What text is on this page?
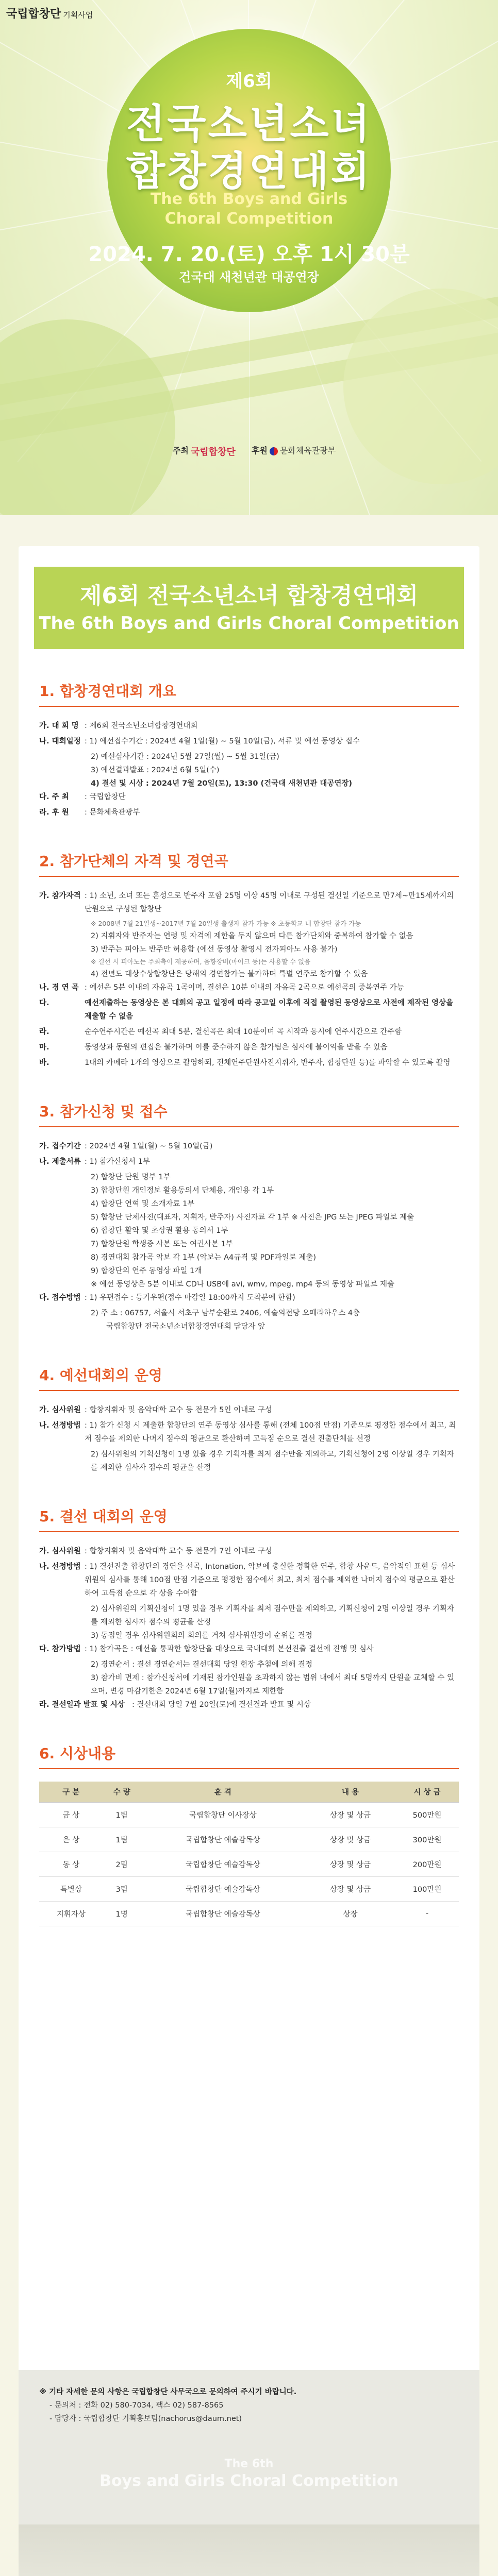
국립합창단 기획사업
제6회
전국소년소녀
합창경연대회
The 6th Boys and Girls
Choral Competition
2024. 7. 20.(토) 오후 1시 30분
건국대 새천년관 대공연장
주최 국립합창단 후원 문화체육관광부
제6회 전국소년소녀 합창경연대회
The 6th Boys and Girls Choral Competition
1. 합창경연대회 개요
가. 대 회 명 : 제6회 전국소년소녀합창경연대회
나. 대회일정 : 1) 예선접수기간 : 2024년 4월 1일(월) ~ 5월 10일(금), 서류 및 예선 동영상 접수
2) 예선심사기간 : 2024년 5월 27일(월) ~ 5월 31일(금)
3) 예선결과발표 : 2024년 6월 5일(수)
4) 결선 및 시상 : 2024년 7월 20일(토), 13:30 (건국대 새천년관 대공연장)
다. 주 최	: 국립합창단
라. 후 원	: 문화체육관광부
2. 참가단체의 자격 및 경연곡
가. 참가자격 : 1) 소년, 소녀 또는 혼성으로 반주자 포함 25명 이상 45명 이내로 구성된 결선일 기준으로 만7세~만15세까지의 단원으로 구성된 합창단
※ 2008년 7월 21일생~2017년 7월 20일생 출생자 참가 가능 ※ 초등학교 내 합창단 참가 가능
2) 지휘자와 반주자는 연령 및 자격에 제한을 두지 않으며 다른 참가단체와 중복하여 참가할 수 없음
3) 반주는 피아노 반주만 허용함 (예선 동영상 촬영시 전자피아노 사용 불가)
※ 결선 시 피아노는 주최측이 제공하며, 음향장비(마이크 등)는 사용할 수 없음
4) 전년도 대상수상합창단은 당해의 경연참가는 불가하며 특별 연주로 참가할 수 있음
나. 경 연 곡 : 예선은 5분 이내의 자유곡 1곡이며, 결선은 10분 이내의 자유곡 2곡으로 예선곡의 중복연주 가능
다.	예선제출하는 동영상은 본 대회의 공고 일정에 따라 공고일 이후에 직접 촬영된 동영상으로 사전에 제작된 영상을 제출할 수 없음
라.	순수연주시간은 예선곡 최대 5분, 결선곡은 최대 10분이며 곡 시작과 동시에 연주시간으로 간주함
마.	동영상과 동원의 편집은 불가하며 이를 준수하지 않은 참가팀은 심사에 불이익을 받을 수 있음
바.	1대의 카메라 1개의 영상으로 촬영하되, 전체연주단원사진지휘자, 반주자, 합창단원 등)를 파악할 수 있도록 촬영
3. 참가신청 및 접수
가. 접수기간 : 2024년 4월 1일(월) ~ 5월 10일(금)
나. 제출서류 : 1) 참가신청서 1부
2) 합창단 단원 명부 1부
3) 합창단원 개인정보 활용동의서 단체용, 개인용 각 1부
4) 합창단 연혁 및 소개자료 1부
5) 합창단 단체사진(대표자, 지휘자, 반주자) 사진자료 각 1부 ※ 사진은 JPG 또는 JPEG 파일로 제출
6) 합창단 활약 및 초상권 활용 동의서 1부
7) 합창단원 학생증 사본 또는 여권사본 1부
8) 경연대회 참가곡 악보 각 1부 (악보는 A4규격 및 PDF파일로 제출)
9) 합창단의 연주 동영상 파일 1개
※ 예선 동영상은 5분 이내로 CD나 USB에 avi, wmv, mpeg, mp4 등의 동영상 파일로 제출
다. 접수방법 : 1) 우편접수 : 등기우편(접수 마감일 18:00까지 도착분에 한함)
2) 주 소 : 06757, 서울시 서초구 남부순환로 2406, 예술의전당 오페라하우스 4층
국립합창단 전국소년소녀합창경연대회 담당자 앞
4. 예선대회의 운영
가. 심사위원 : 합창지휘자 및 음악대학 교수 등 전문가 5인 이내로 구성
나. 선정방법 : 1) 참가 신청 시 제출한 합창단의 연주 동영상 심사를 통해 (전체 100점 만점) 기준으로 평정한 점수에서 최고, 최저 점수를 제외한 나머지 점수의 평균으로 환산하여 고득점 순으로 결선 진출단체를 선정
2) 심사위원의 기획신청이 1명 있을 경우 기획자를 최저 점수만을 제외하고, 기획신청이 2명 이상일 경우 기획자를 제외한 심사자 점수의 평균을 산정
5. 결선 대회의 운영
가. 심사위원 : 합창지휘자 및 음악대학 교수 등 전문가 7인 이내로 구성
나. 선정방법 : 1) 결선진출 합창단의 경연을 선곡, Intonation, 악보에 충실한 정확한 연주, 합창 사운드, 음악적인 표현 등 심사위원의 심사를 통해 100점 만점 기준으로 평정한 점수에서 최고, 최저 점수를 제외한 나머지 점수의 평균으로 환산하여 고득점 순으로 각 상을 수여함
2) 심사위원의 기획신청이 1명 있을 경우 기획자를 최저 점수만을 제외하고, 기획신청이 2명 이상일 경우 기획자를 제외한 심사자 점수의 평균을 산정
3) 동점일 경우 심사위원회의 회의를 거쳐 심사위원장이 순위를 결정
다. 참가방법 : 1) 참가곡은 : 예선을 통과한 합창단을 대상으로 국내대회 본선진출 결선에 진행 및 심사
2) 경연순서 : 결선 경연순서는 결선대회 당일 현장 추첨에 의해 결정
3) 참가비 면제 : 참가신청서에 기재된 참가인원을 초과하지 않는 범위 내에서 최대 5명까지 단원을 교체할 수 있으며, 변경 마감기한은 2024년 6월 17일(월)까지로 제한함
라. 결선일과 발표 및 시상 : 결선대회 당일 7월 20일(토)에 결선결과 발표 및 시상
6. 시상내용
구 분	수 량	훈 격	내 용	시 상 금
금 상	1팀	국립합창단 이사장상	상장 및 상금	500만원
은 상	1팀	국립합창단 예술감독상	상장 및 상금	300만원
동 상	2팀	국립합창단 예술감독상	상장 및 상금	200만원
특별상	3팀	국립합창단 예술감독상	상장 및 상금	100만원
지휘자상	1명	국립합창단 예술감독상	상장	-
※ 기타 자세한 문의 사항은 국립합창단 사무국으로 문의하여 주시기 바랍니다.
- 문의처 : 전화 02) 580-7034, 팩스 02) 587-8565
- 담당자 : 국립합창단 기획홍보팀(nachorus@daum.net)
The 6th
Boys and Girls Choral Competition
